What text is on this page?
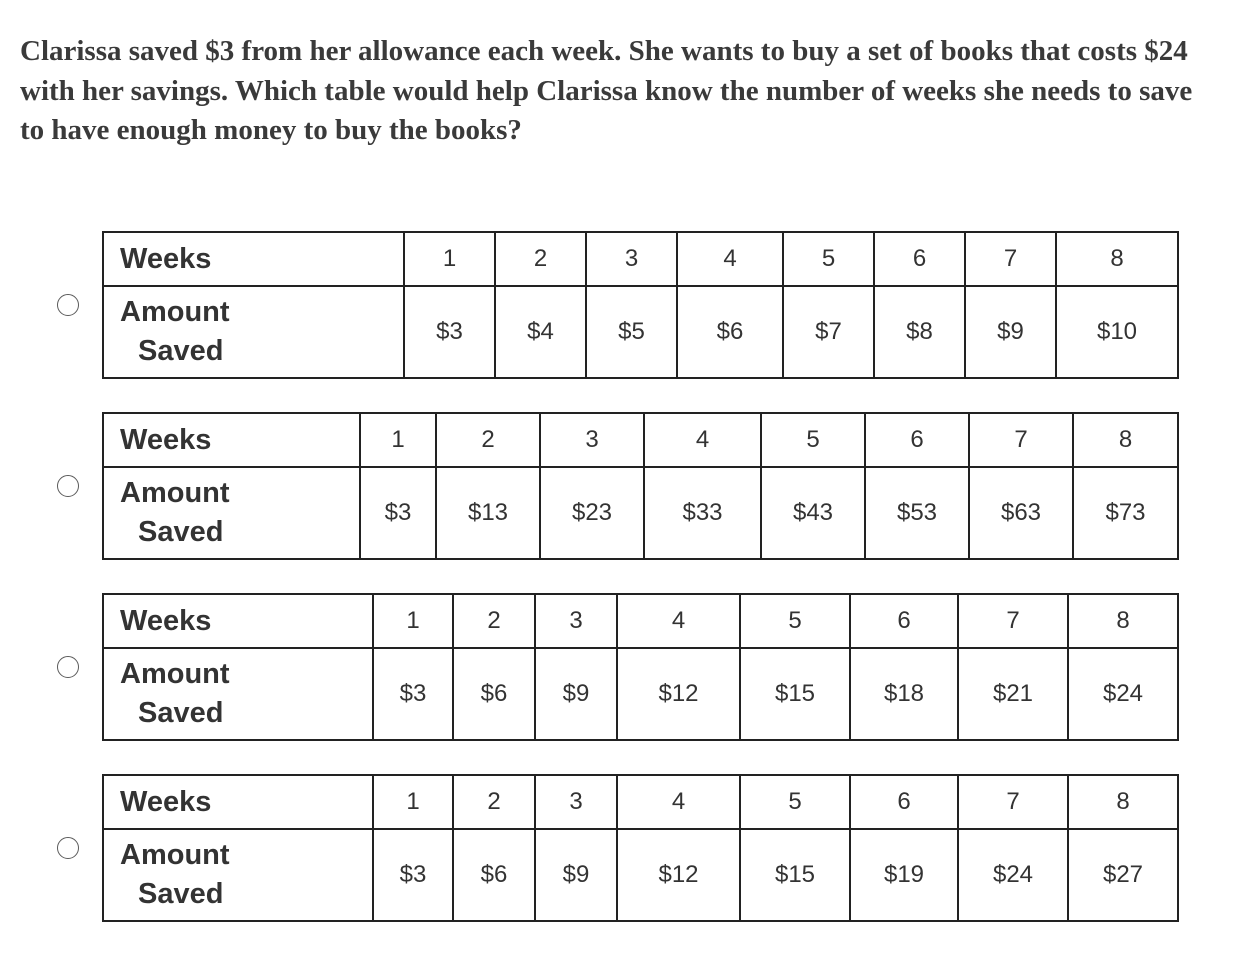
Clarissa saved $3 from her allowance each week. She wants to buy a set of books that costs $24 with her savings. Which table would help Clarissa know the number of weeks she needs to save to have enough money to buy the books?

Weeks	1	2	3	4	5	6	7	8

Amount
Saved	$3	$4	$5	$6	$7	$8	$9	$10
Weeks	1	2	3	4	5	6	7	8

Amount
Saved	$3	$13	$23	$33	$43	$53	$63	$73
Weeks	1	2	3	4	5	6	7	8

Amount
Saved	$3	$6	$9	$12	$15	$18	$21	$24
Weeks	1	2	3	4	5	6	7	8

Amount
Saved	$3	$6	$9	$12	$15	$19	$24	$27
